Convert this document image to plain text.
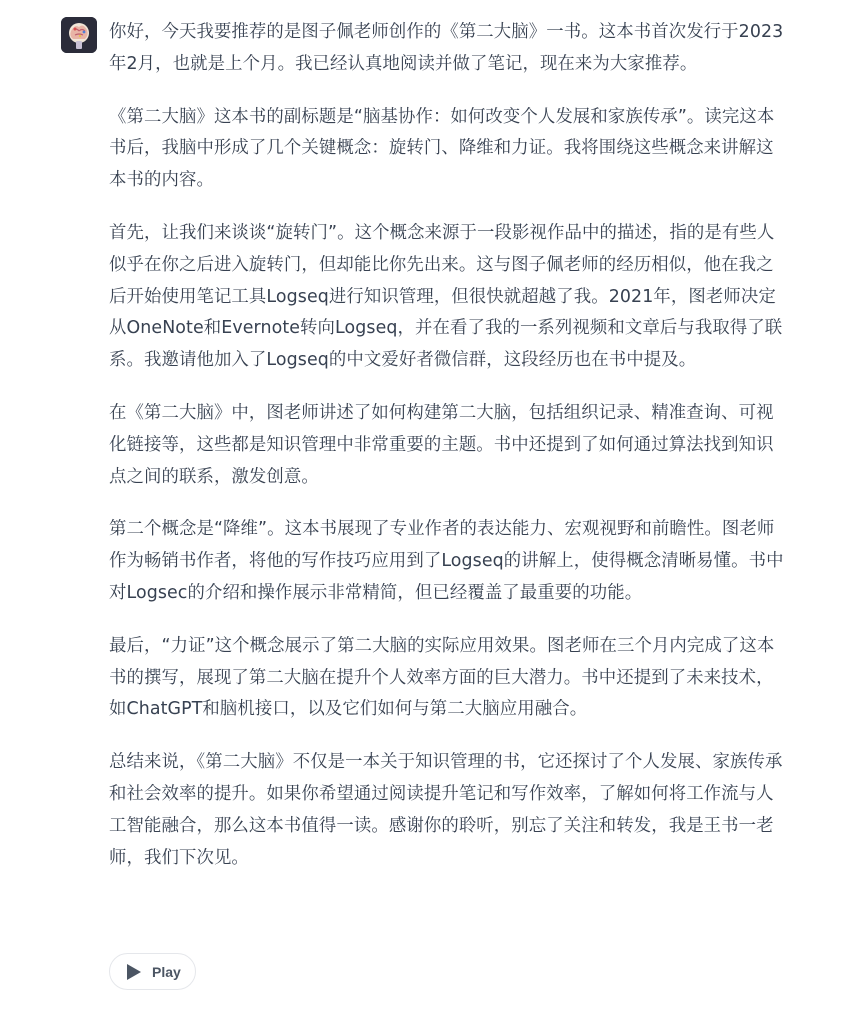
你好，今天我要推荐的是图子佩老师创作的《第二大脑》一书。这本书首次发行于2023年2月，也就是上个月。我已经认真地阅读并做了笔记，现在来为大家推荐。

《第二大脑》这本书的副标题是“脑基协作：如何改变个人发展和家族传承”。读完这本书后，我脑中形成了几个关键概念：旋转门、降维和力证。我将围绕这些概念来讲解这本书的内容。

首先，让我们来谈谈“旋转门”。这个概念来源于一段影视作品中的描述，指的是有些人似乎在你之后进入旋转门，但却能比你先出来。这与图子佩老师的经历相似，他在我之后开始使用笔记工具Logseq进行知识管理，但很快就超越了我。2021年，图老师决定从OneNote和Evernote转向Logseq，并在看了我的一系列视频和文章后与我取得了联系。我邀请他加入了Logseq的中文爱好者微信群，这段经历也在书中提及。

在《第二大脑》中，图老师讲述了如何构建第二大脑，包括组织记录、精准查询、可视化链接等，这些都是知识管理中非常重要的主题。书中还提到了如何通过算法找到知识点之间的联系，激发创意。

第二个概念是“降维”。这本书展现了专业作者的表达能力、宏观视野和前瞻性。图老师作为畅销书作者，将他的写作技巧应用到了Logseq的讲解上，使得概念清晰易懂。书中对Logsec的介绍和操作展示非常精简，但已经覆盖了最重要的功能。

最后，“力证”这个概念展示了第二大脑的实际应用效果。图老师在三个月内完成了这本书的撰写，展现了第二大脑在提升个人效率方面的巨大潜力。书中还提到了未来技术，如ChatGPT和脑机接口，以及它们如何与第二大脑应用融合。

总结来说，《第二大脑》不仅是一本关于知识管理的书，它还探讨了个人发展、家族传承和社会效率的提升。如果你希望通过阅读提升笔记和写作效率，了解如何将工作流与人工智能融合，那么这本书值得一读。感谢你的聆听，别忘了关注和转发，我是王书一老师，我们下次见。

Play
